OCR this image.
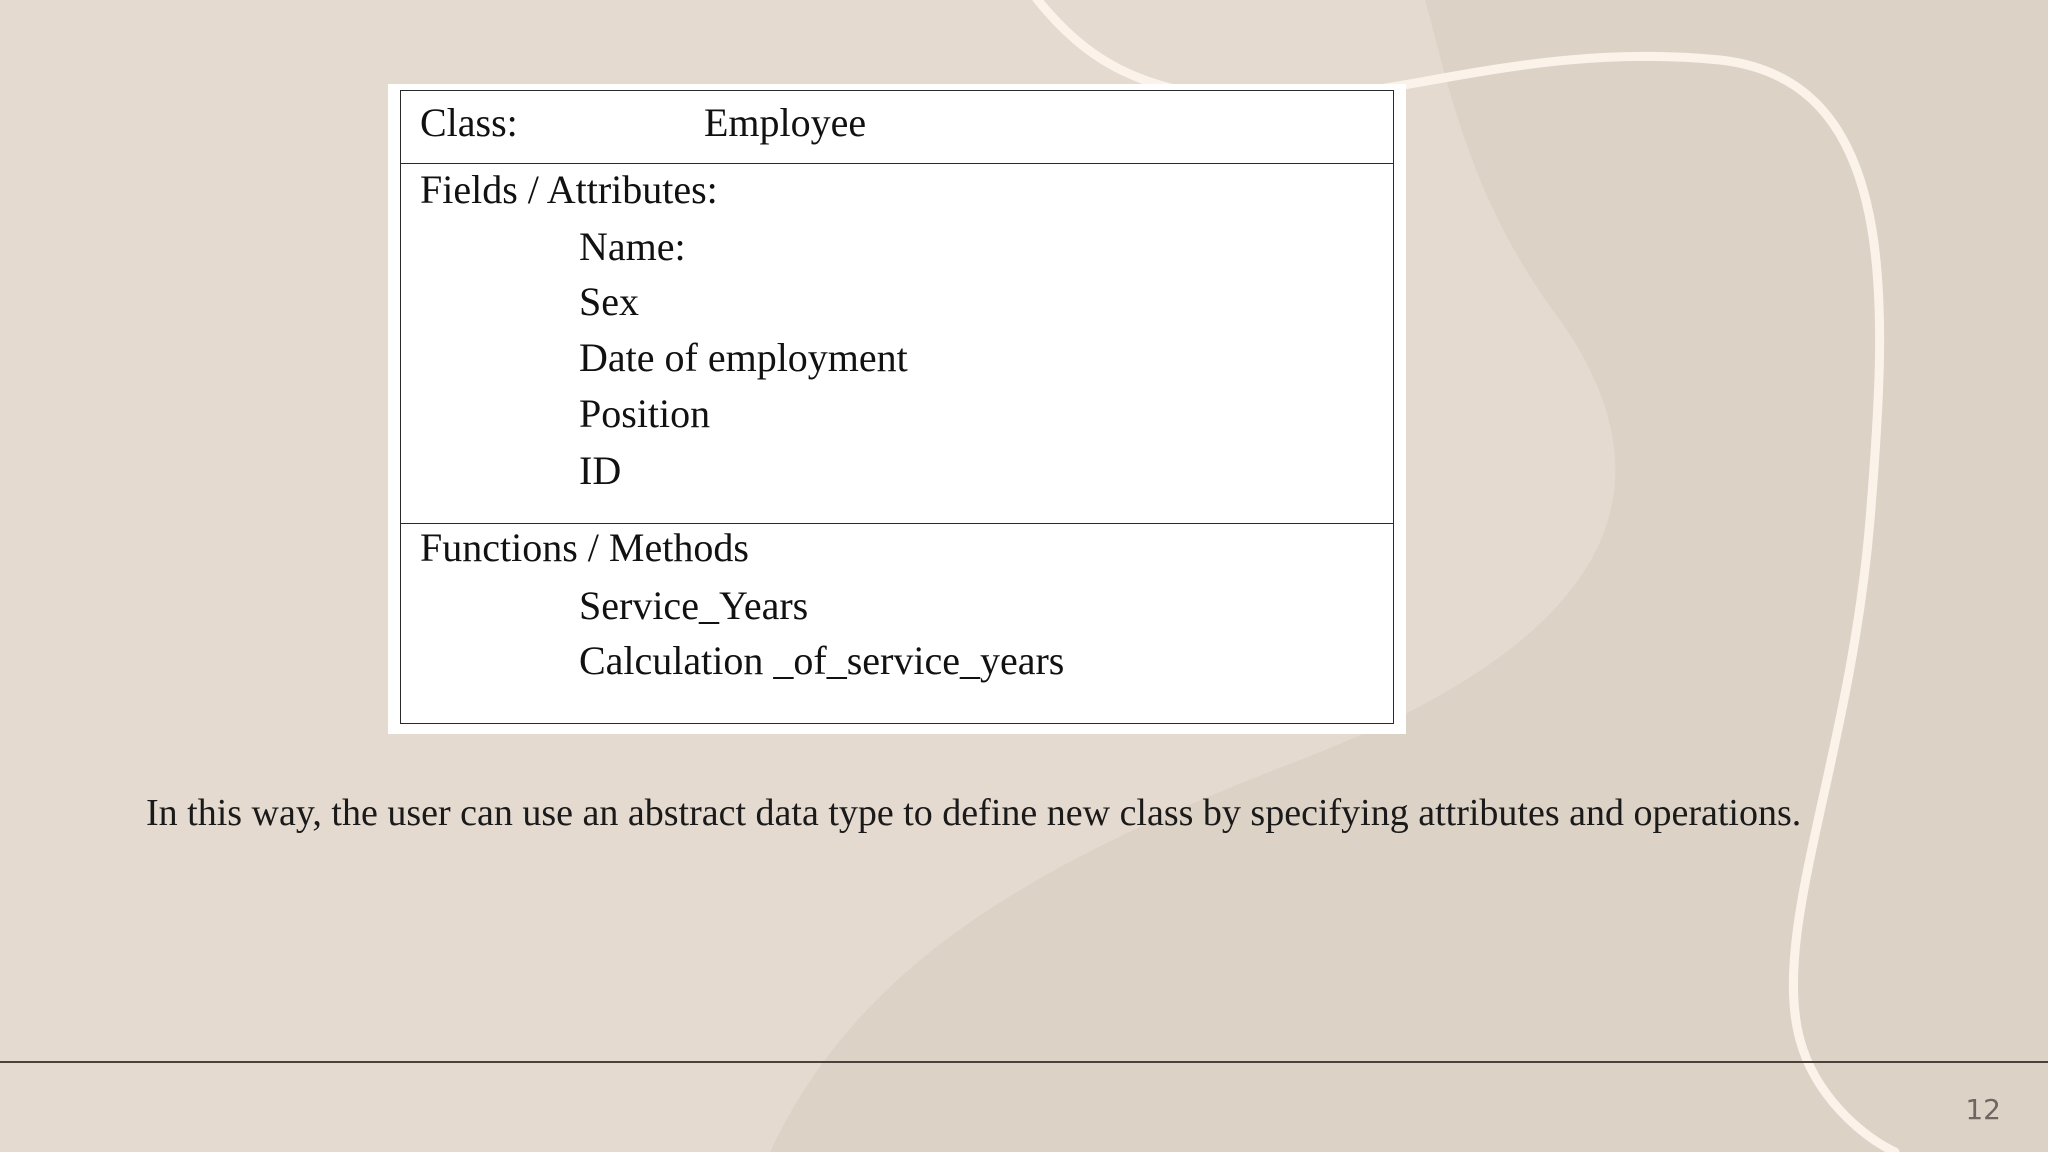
Class:	Employee
Fields / Attributes:
Name:
Sex
Date of employment
Position
ID
Functions / Methods
Service_Years
Calculation _of_service_years
In this way, the user can use an abstract data type to define new class by specifying attributes and operations.
12
